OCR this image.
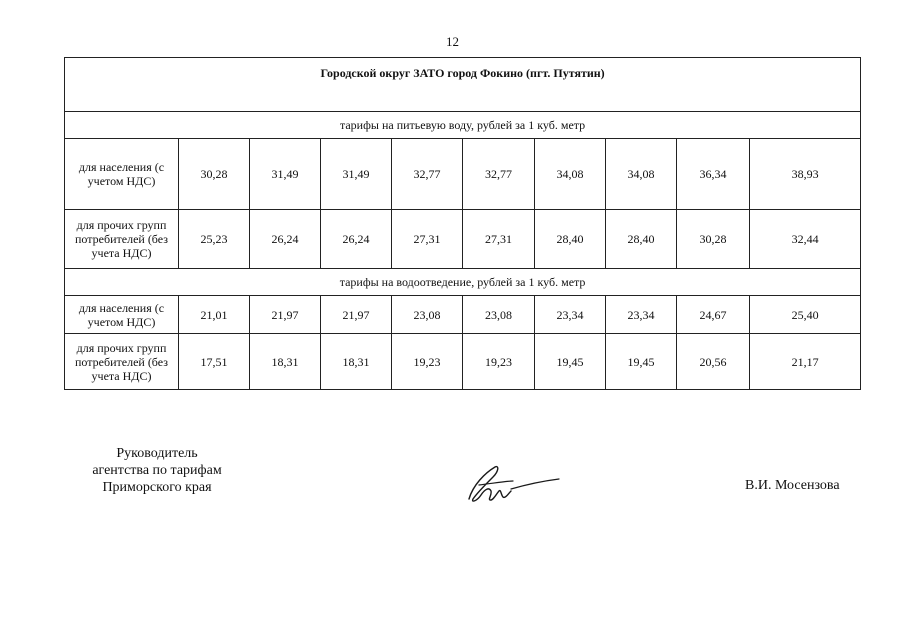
12
Городской округ ЗАТО город Фокино (пгт. Путятин)									
тарифы на питьевую воду, рублей за 1 куб. метр									
для населения (с учетом НДС)	30,28	31,49	31,49	32,77	32,77	34,08	34,08	36,34	38,93
для прочих групп потребителей (без учета НДС)	25,23	26,24	26,24	27,31	27,31	28,40	28,40	30,28	32,44
тарифы на водоотведение, рублей за 1 куб. метр									
для населения (с учетом НДС)	21,01	21,97	21,97	23,08	23,08	23,34	23,34	24,67	25,40
для прочих групп потребителей (без учета НДС)	17,51	18,31	18,31	19,23	19,23	19,45	19,45	20,56	21,17
Руководитель
агентства по тарифам
Приморского края	В.И. Мосензова
